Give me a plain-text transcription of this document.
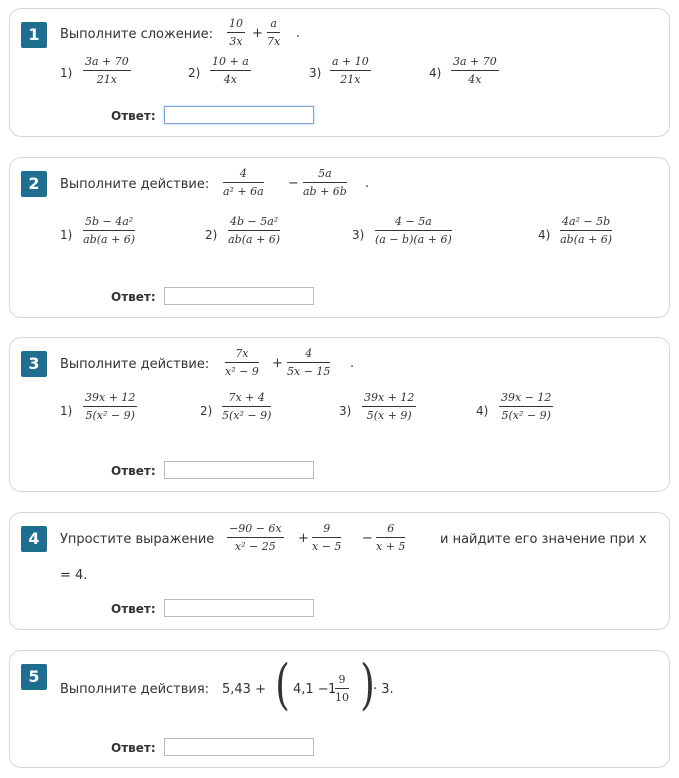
1	Выполните сложение: $\frac{10}{3x} + \frac{a}{7x}$ .
$1) \frac{3a + 70}{21x}$	$2) \frac{10 + a}{4x}$	$3) \frac{a + 10}{21x}$	$4) \frac{3a + 70}{4x}$
Ответ:
2	Выполните действие: $\frac{4}{\text{a² + 6a}} - \frac{5a}{ab + 6b}$ .
$1) \frac{\text{5b − 4a²}}{ab(a + 6)}$	$2) \frac{\text{4b − 5a²}}{ab(a + 6)}$	$3) \frac{4 - 5a}{(a - b)(a + 6)}$	$4) \frac{\text{4a² − 5b}}{ab(a + 6)}$
Ответ:
3	Выполните действие: $\frac{7x}{\text{x² − 9}} + \frac{4}{5x - 15}$ .
$1) \frac{39x + 12}{\text{5(x² − 9)}}$	$2) \frac{7x + 4}{\text{5(x² − 9)}}$	$3) \frac{39x + 12}{5(x + 9)}$	$4) \frac{39x - 12}{\text{5(x² − 9)}}$
Ответ:
4	Упростите выражение $\frac{-90 - 6x}{\text{x² − 25}} + \frac{9}{x - 5} - \frac{6}{x + 5}$	и найдите его значение при x
= 4.
Ответ:
5
Выполните действия: 5,43 + ( 4,1 − 1
$\frac{9}{10}$ )
· 3.
Ответ:
